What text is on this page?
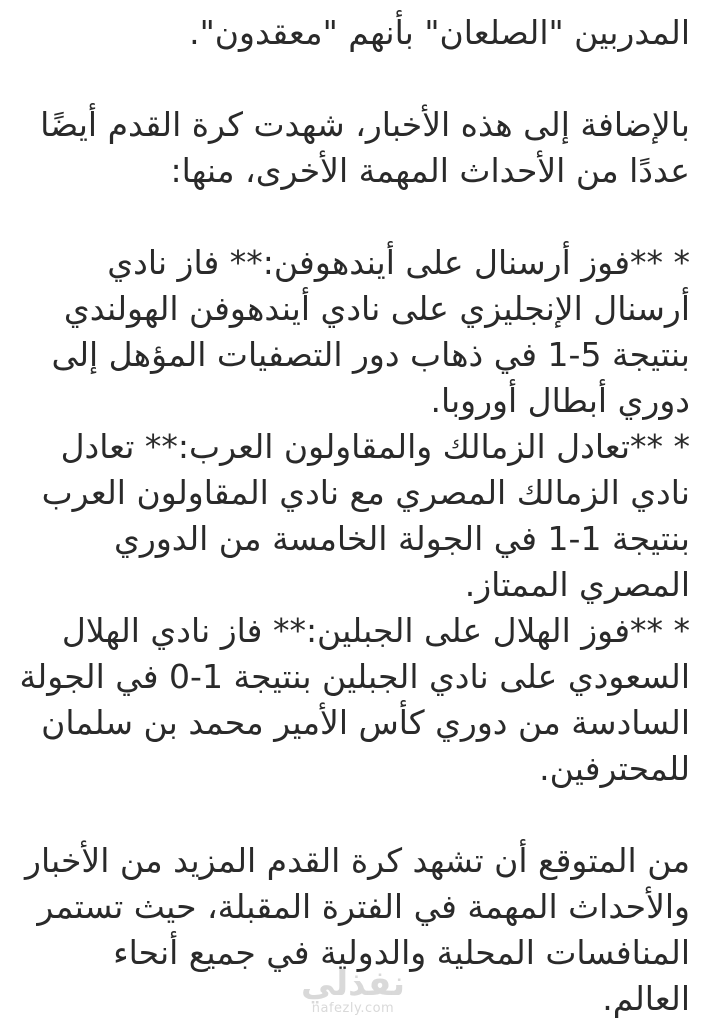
المدربين "الصلعان" بأنهم "معقدون".

بالإضافة إلى هذه الأخبار، شهدت كرة القدم أيضًا عددًا من الأحداث المهمة الأخرى، منها:

* **فوز أرسنال على أيندهوفن:** فاز نادي أرسنال الإنجليزي على نادي أيندهوفن الهولندي بنتيجة 5-1 في ذهاب دور التصفيات المؤهل إلى دوري أبطال أوروبا.

* **تعادل الزمالك والمقاولون العرب:** تعادل نادي الزمالك المصري مع نادي المقاولون العرب بنتيجة 1-1 في الجولة الخامسة من الدوري المصري الممتاز.

* **فوز الهلال على الجبلين:** فاز نادي الهلال السعودي على نادي الجبلين بنتيجة 1-0 في الجولة السادسة من دوري كأس الأمير محمد بن سلمان للمحترفين.

من المتوقع أن تشهد كرة القدم المزيد من الأخبار والأحداث المهمة في الفترة المقبلة، حيث تستمر المنافسات المحلية والدولية في جميع أنحاء العالم.

نفذلي
nafezly.com
